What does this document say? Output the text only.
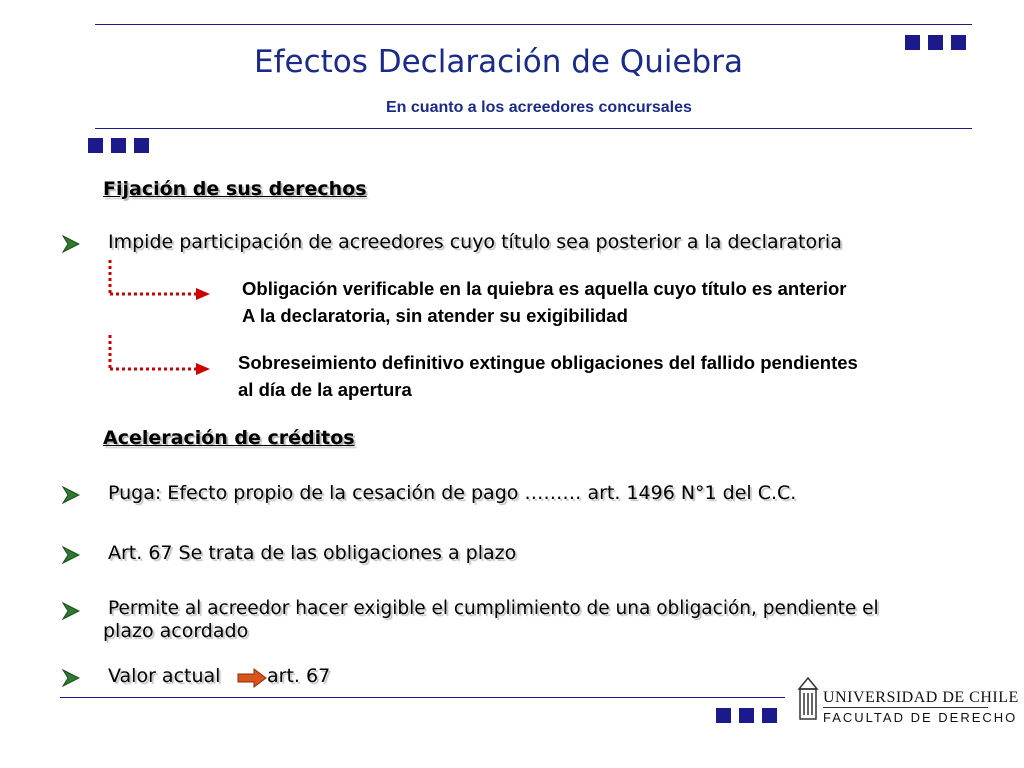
Efectos Declaración de Quiebra
En cuanto a los acreedores concursales
Fijación de sus derechos
Impide participación de acreedores cuyo título sea posterior a la declaratoria
Obligación verificable en la quiebra es aquella cuyo título es anterior
A la declaratoria, sin atender su exigibilidad
Sobreseimiento definitivo extingue obligaciones del fallido pendientes
al día de la apertura
Aceleración de créditos
Puga: Efecto propio de la cesación de pago ……… art. 1496 N°1 del C.C.
Art. 67 Se trata de las obligaciones a plazo
Permite al acreedor hacer exigible el cumplimiento de una obligación, pendiente el
plazo acordado
Valor actual art. 67
UNIVERSIDAD DE CHILE
FACULTAD DE DERECHO
